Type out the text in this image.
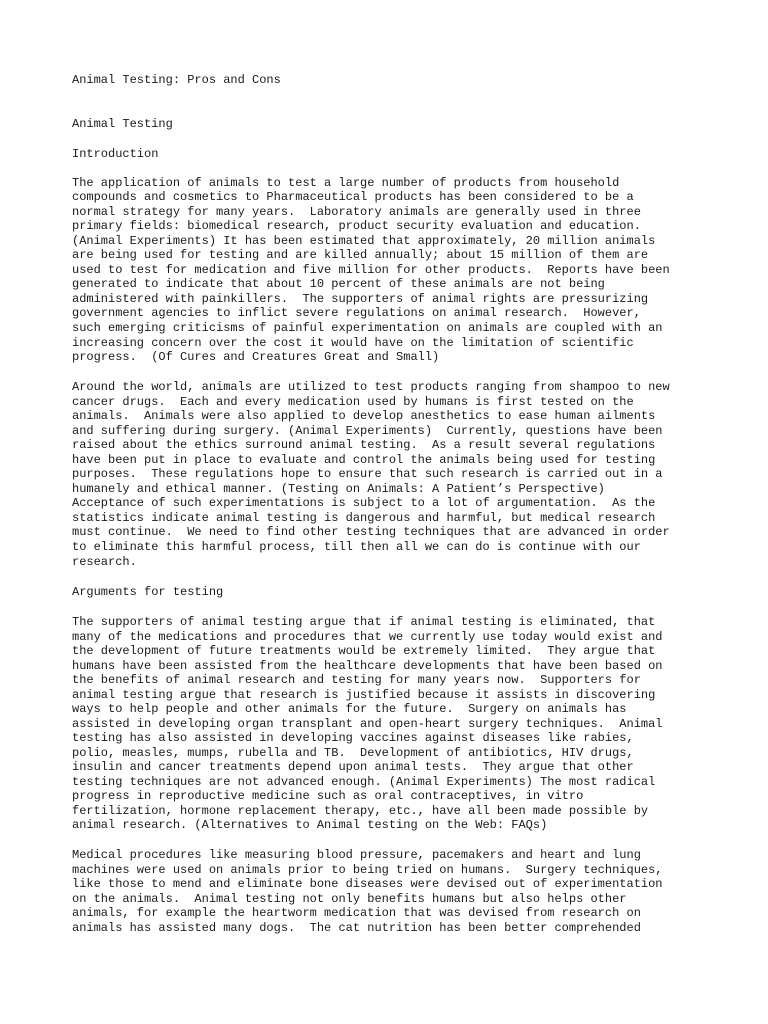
Animal Testing: Pros and Cons
Animal Testing
Introduction
The application of animals to test a large number of products from household
compounds and cosmetics to Pharmaceutical products has been considered to be a
normal strategy for many years.  Laboratory animals are generally used in three
primary fields: biomedical research, product security evaluation and education.
(Animal Experiments) It has been estimated that approximately, 20 million animals
are being used for testing and are killed annually; about 15 million of them are
used to test for medication and five million for other products.  Reports have been
generated to indicate that about 10 percent of these animals are not being
administered with painkillers.  The supporters of animal rights are pressurizing
government agencies to inflict severe regulations on animal research.  However,
such emerging criticisms of painful experimentation on animals are coupled with an
increasing concern over the cost it would have on the limitation of scientific
progress.  (Of Cures and Creatures Great and Small)
Around the world, animals are utilized to test products ranging from shampoo to new
cancer drugs.  Each and every medication used by humans is first tested on the
animals.  Animals were also applied to develop anesthetics to ease human ailments
and suffering during surgery. (Animal Experiments)  Currently, questions have been
raised about the ethics surround animal testing.  As a result several regulations
have been put in place to evaluate and control the animals being used for testing
purposes.  These regulations hope to ensure that such research is carried out in a
humanely and ethical manner. (Testing on Animals: A Patient’s Perspective)
Acceptance of such experimentations is subject to a lot of argumentation.  As the
statistics indicate animal testing is dangerous and harmful, but medical research
must continue.  We need to find other testing techniques that are advanced in order
to eliminate this harmful process, till then all we can do is continue with our
research.
Arguments for testing
The supporters of animal testing argue that if animal testing is eliminated, that
many of the medications and procedures that we currently use today would exist and
the development of future treatments would be extremely limited.  They argue that
humans have been assisted from the healthcare developments that have been based on
the benefits of animal research and testing for many years now.  Supporters for
animal testing argue that research is justified because it assists in discovering
ways to help people and other animals for the future.  Surgery on animals has
assisted in developing organ transplant and open-heart surgery techniques.  Animal
testing has also assisted in developing vaccines against diseases like rabies,
polio, measles, mumps, rubella and TB.  Development of antibiotics, HIV drugs,
insulin and cancer treatments depend upon animal tests.  They argue that other
testing techniques are not advanced enough. (Animal Experiments) The most radical
progress in reproductive medicine such as oral contraceptives, in vitro
fertilization, hormone replacement therapy, etc., have all been made possible by
animal research. (Alternatives to Animal testing on the Web: FAQs)
Medical procedures like measuring blood pressure, pacemakers and heart and lung
machines were used on animals prior to being tried on humans.  Surgery techniques,
like those to mend and eliminate bone diseases were devised out of experimentation
on the animals.  Animal testing not only benefits humans but also helps other
animals, for example the heartworm medication that was devised from research on
animals has assisted many dogs.  The cat nutrition has been better comprehended
